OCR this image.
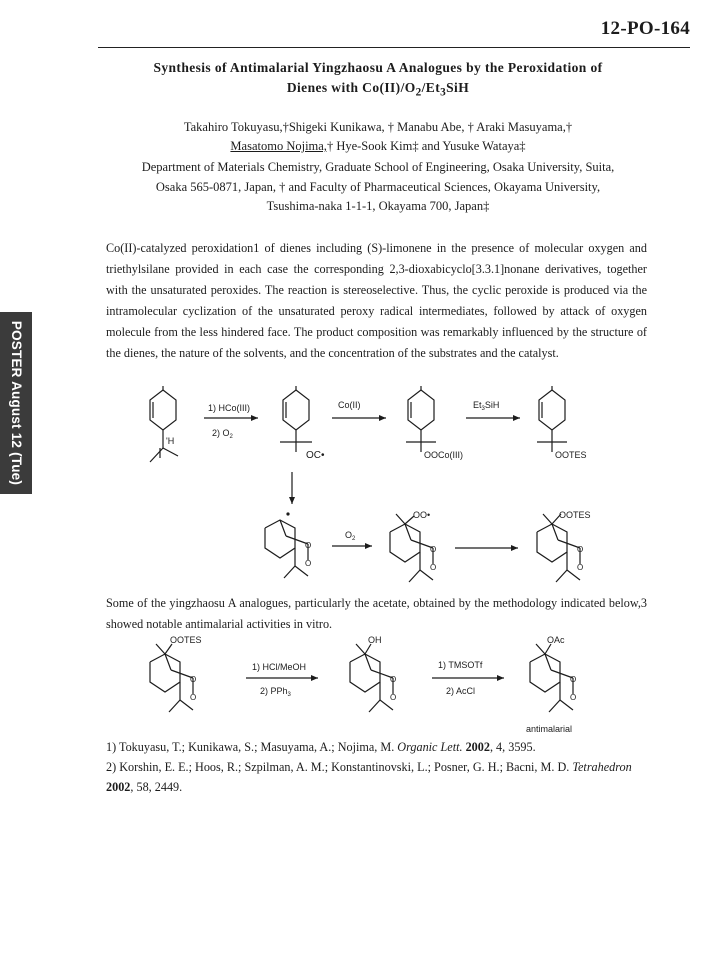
12-PO-164
Synthesis of Antimalarial Yingzhaosu A Analogues by the Peroxidation of
Dienes with $Co(II)/O_2/Et_3SiH$
Takahiro Tokuyasu,†Shigeki Kunikawa, † Manabu Abe, † Araki Masuyama,†
Masatomo Nojima,† Hye-Sook Kim‡ and Yusuke Wataya‡
Department of Materials Chemistry, Graduate School of Engineering, Osaka University, Suita,
Osaka 565-0871, Japan, † and Faculty of Pharmaceutical Sciences, Okayama University,
Tsushima-naka 1-1-1, Okayama 700, Japan‡
Co(II)-catalyzed peroxidation1 of dienes including (S)-limonene in the presence of molecular oxygen and triethylsilane provided in each case the corresponding 2,3-dioxabicyclo[3.3.1]nonane derivatives, together with the unsaturated peroxides. The reaction is stereoselective. Thus, the cyclic peroxide is produced via the intramolecular cyclization of the unsaturated peroxy radical intermediates, followed by attack of oxygen molecule from the less hindered face. The product composition was remarkably influenced by the structure of the dienes, the nature of the solvents, and the concentration of the substrates and the catalyst.
POSTER August 12 (Tue)	'H
1) HCo(III)
2) $O_2$
OC•
Co(II)
OOCo(III)
$Et_3SiH$
OOTES
O
O
$O_2$
O
O
OO•
O
O
OOTES
Some of the yingzhaosu A analogues, particularly the acetate, obtained by the methodology indicated below,3 showed notable antimalarial activities in vitro.
O
O
OOTES
1) HCl/MeOH
2) PPh$_3$
O
O
OH
1) TMSOTf
2) AcCl
O
O
OAc
antimalarial
1) Tokuyasu, T.; Kunikawa, S.; Masuyama, A.; Nojima, M. Organic Lett. 2002, 4, 3595.
2) Korshin, E. E.; Hoos, R.; Szpilman, A. M.; Konstantinovski, L.; Posner, G. H.; Bacni, M. D. Tetrahedron 2002, 58, 2449.
